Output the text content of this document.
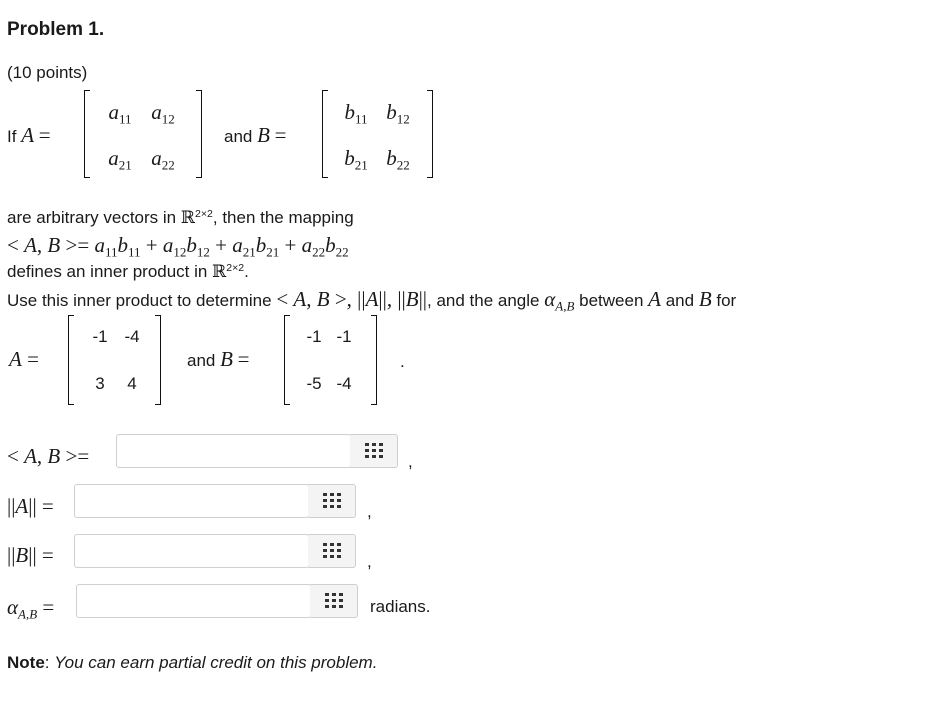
Problem 1.
(10 points)
If A =
$a_{11}$ $a_{12}$
$a_{21}$ $a_{22}$
and B =
$b_{11}$ $b_{12}$
$b_{21}$ $b_{22}$
are arbitrary vectors in ℝ$^{2\times 2}$, then the mapping
< A, $B >= a_{11}b_{11} + a_{12}b_{12} + a_{21}b_{21} + a_{22}b_{22}$
defines an inner product in ℝ$^{2\times 2}$.
Use this inner product to determine < A, B >, ||A||, ||B||, and the angle $\alpha_{A,B}$ between A and B for
A =
-1 -4
3	4
and B =
-1 -1
-5 -4
.
< A, B >=	,
||A|| =	,
||B|| =	,
$\alpha_{A,B}$ =	radians.
Note: You can earn partial credit on this problem.
